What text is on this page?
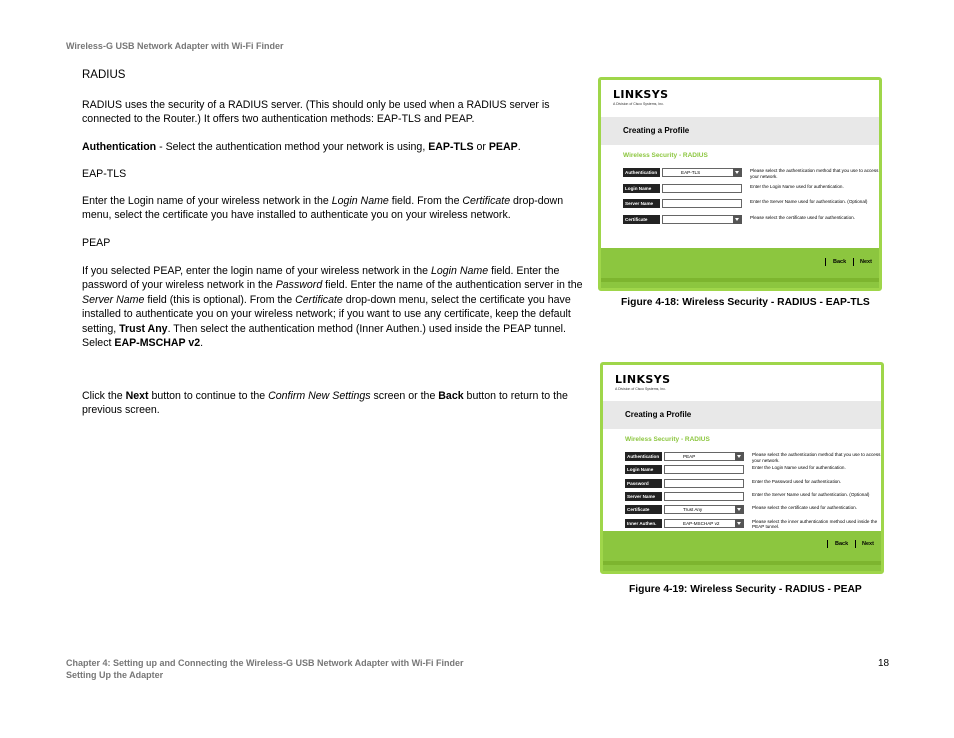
Wireless-G USB Network Adapter with Wi-Fi Finder
RADIUS
RADIUS uses the security of a RADIUS server. (This should only be used when a RADIUS server is connected to the Router.) It offers two authentication methods: EAP-TLS and PEAP.
Authentication - Select the authentication method your network is using, EAP-TLS or PEAP.
EAP-TLS
Enter the Login name of your wireless network in the Login Name field. From the Certificate drop-down menu, select the certificate you have installed to authenticate you on your wireless network.
PEAP
If you selected PEAP, enter the login name of your wireless network in the Login Name field. Enter the password of your wireless network in the Password field. Enter the name of the authentication server in the Server Name field (this is optional). From the Certificate drop-down menu, select the certificate you have installed to authenticate you on your wireless network; if you want to use any certificate, keep the default setting, Trust Any. Then select the authentication method (Inner Authen.) used inside the PEAP tunnel. Select EAP-MSCHAP v2.
Click the Next button to continue to the Confirm New Settings screen or the Back button to return to the previous screen.
LINKSYS
A Division of Cisco Systems, Inc.
Creating a Profile
Wireless Security - RADIUS
Authentication	EAP-TLS	Please select the authentication method that you use to access your network.
Login Name	Enter the Login Name used for authentication.
Server Name	Enter the Server Name used for authentication. (Optional)
Certificate	Please select the certificate used for authentication.
Back	Next
Figure 4-18: Wireless Security - RADIUS - EAP-TLS
LINKSYS
A Division of Cisco Systems, Inc.
Creating a Profile
Wireless Security - RADIUS
Authentication	PEAP	Please select the authentication method that you use to access your network.
Login Name	Enter the Login Name used for authentication.
Password	Enter the Password used for authentication.
Server Name	Enter the Server Name used for authentication. (Optional)
Certificate	Trust Any	Please select the certificate used for authentication.
Inner Authen.	EAP-MSCHAP v2	Please select the inner authentication method used inside the PEAP tunnel.
Back	Next
Figure 4-19: Wireless Security - RADIUS - PEAP
Chapter 4: Setting up and Connecting the Wireless-G USB Network Adapter with Wi-Fi Finder
Setting Up the Adapter
18
